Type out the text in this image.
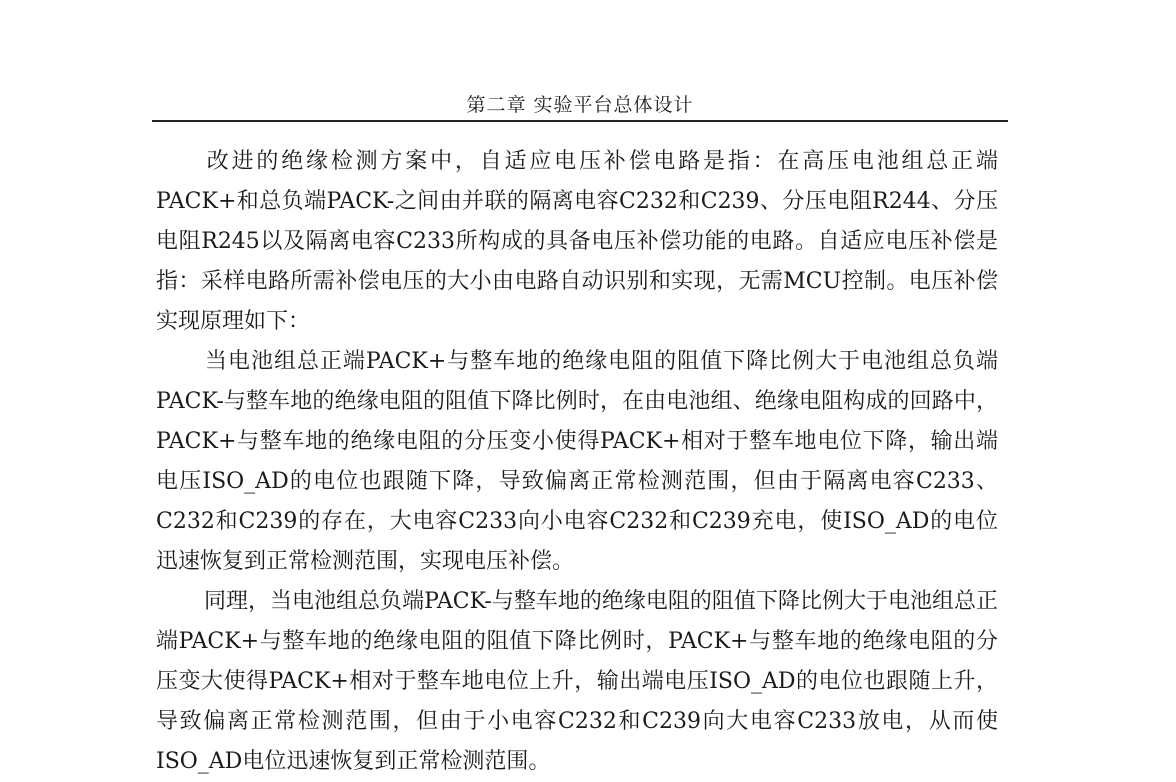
第二章 实验平台总体设计

改进的绝缘检测方案中，自适应电压补偿电路是指：在高压电池组总正端PACK+和总负端PACK-之间由并联的隔离电容C232和C239、分压电阻R244、分压电阻R245以及隔离电容C233所构成的具备电压补偿功能的电路。自适应电压补偿是指：采样电路所需补偿电压的大小由电路自动识别和实现，无需MCU控制。电压补偿实现原理如下：

当电池组总正端PACK+与整车地的绝缘电阻的阻值下降比例大于电池组总负端PACK-与整车地的绝缘电阻的阻值下降比例时，在由电池组、绝缘电阻构成的回路中，PACK+与整车地的绝缘电阻的分压变小使得PACK+相对于整车地电位下降，输出端电压ISO_AD的电位也跟随下降，导致偏离正常检测范围，但由于隔离电容C233、C232和C239的存在，大电容C233向小电容C232和C239充电，使ISO_AD的电位迅速恢复到正常检测范围，实现电压补偿。

同理，当电池组总负端PACK-与整车地的绝缘电阻的阻值下降比例大于电池组总正端PACK+与整车地的绝缘电阻的阻值下降比例时，PACK+与整车地的绝缘电阻的分压变大使得PACK+相对于整车地电位上升，输出端电压ISO_AD的电位也跟随上升，导致偏离正常检测范围，但由于小电容C232和C239向大电容C233放电，从而使ISO_AD电位迅速恢复到正常检测范围。
